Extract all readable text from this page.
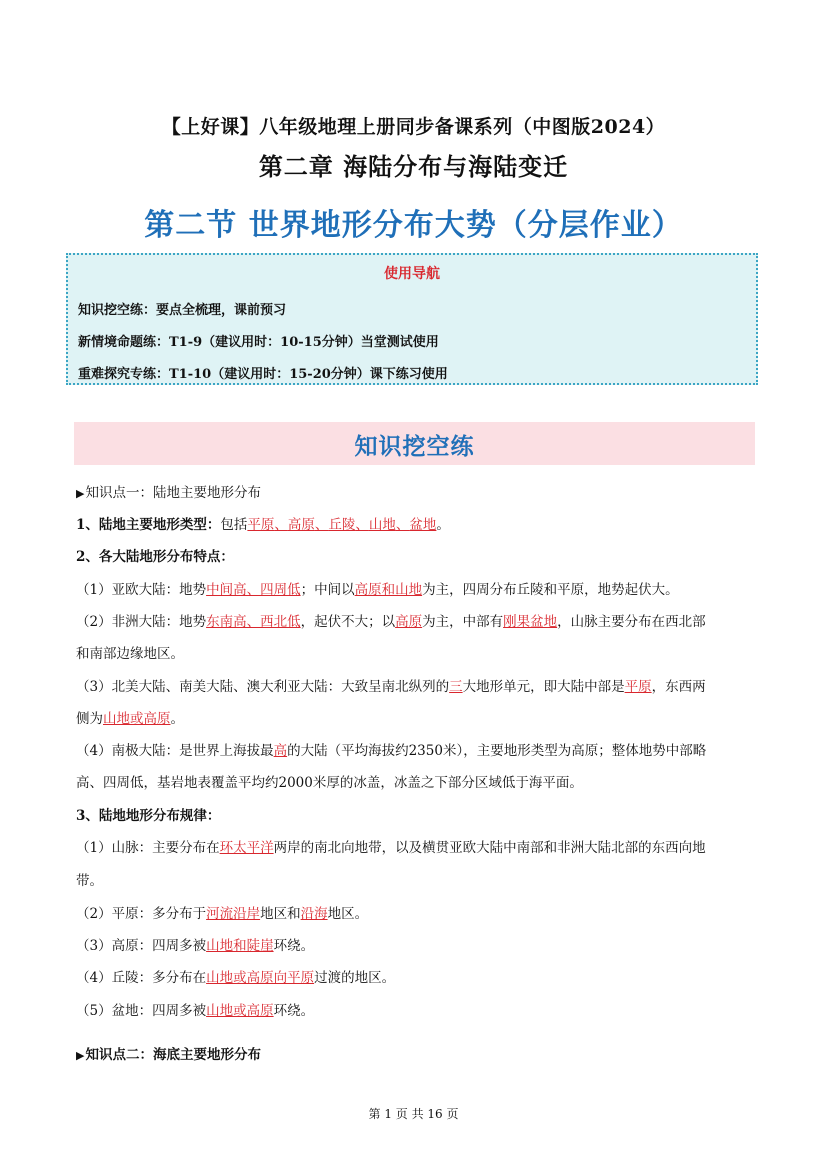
【上好课】八年级地理上册同步备课系列（中图版2024）
第二章 海陆分布与海陆变迁
第二节 世界地形分布大势（分层作业）
使用导航
知识挖空练：要点全梳理，课前预习
新情境命题练：T1-9（建议用时：10-15分钟）当堂测试使用
重难探究专练：T1-10（建议用时：15-20分钟）课下练习使用
知识挖空练
▶知识点一：陆地主要地形分布
1、陆地主要地形类型：包括平原、高原、丘陵、山地、盆地。
2、各大陆地形分布特点：
（1）亚欧大陆：地势中间高、四周低；中间以高原和山地为主，四周分布丘陵和平原，地势起伏大。
（2）非洲大陆：地势东南高、西北低，起伏不大；以高原为主，中部有刚果盆地，山脉主要分布在西北部
和南部边缘地区。
（3）北美大陆、南美大陆、澳大利亚大陆：大致呈南北纵列的三大地形单元，即大陆中部是平原，东西两
侧为山地或高原。
（4）南极大陆：是世界上海拔最高的大陆（平均海拔约2350米），主要地形类型为高原；整体地势中部略
高、四周低，基岩地表覆盖平均约2000米厚的冰盖，冰盖之下部分区域低于海平面。
3、陆地地形分布规律：
（1）山脉：主要分布在环太平洋两岸的南北向地带，以及横贯亚欧大陆中南部和非洲大陆北部的东西向地
带。
（2）平原：多分布于河流沿岸地区和沿海地区。
（3）高原：四周多被山地和陡崖环绕。
（4）丘陵：多分布在山地或高原向平原过渡的地区。
（5）盆地：四周多被山地或高原环绕。
▶知识点二：海底主要地形分布
第 1 页 共 16 页
